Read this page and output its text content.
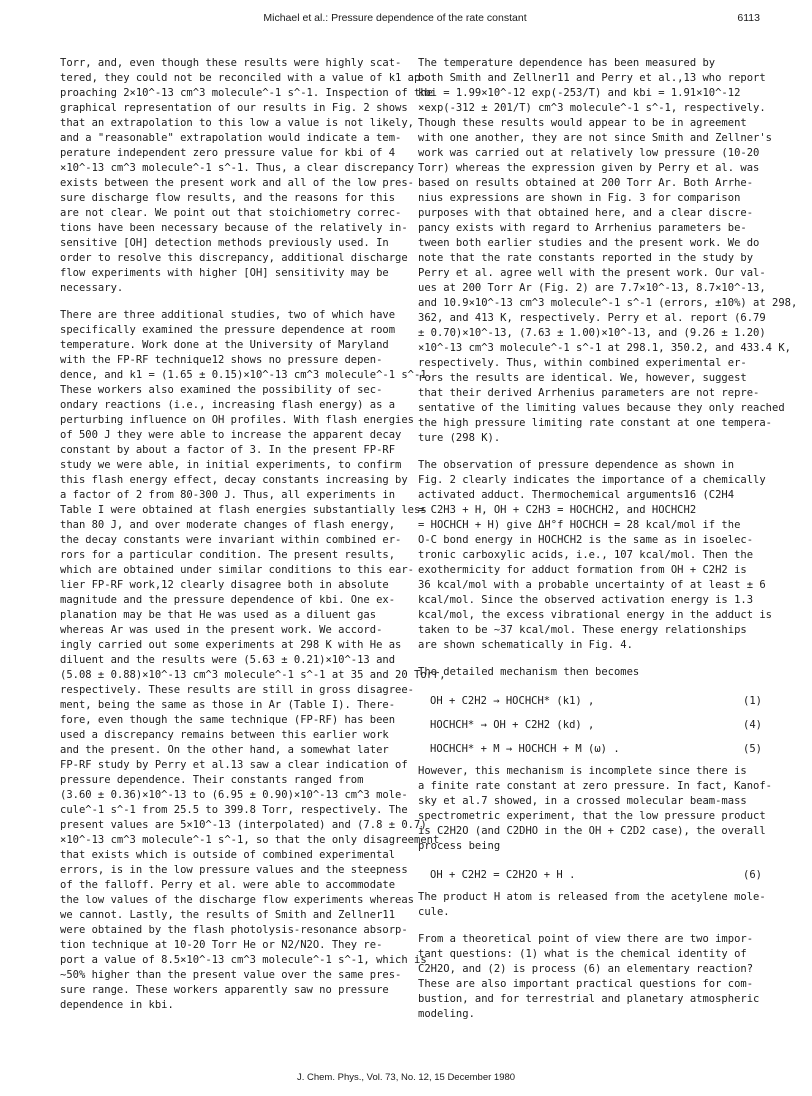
Michael et al.: Pressure dependence of the rate constant	6113

Torr, and, even though these results were highly scat-
tered, they could not be reconciled with a value of k1 ap-
proaching 2×10^-13 cm^3 molecule^-1 s^-1. Inspection of the
graphical representation of our results in Fig. 2 shows
that an extrapolation to this low a value is not likely,
and a "reasonable" extrapolation would indicate a tem-
perature independent zero pressure value for kbi of 4
×10^-13 cm^3 molecule^-1 s^-1. Thus, a clear discrepancy
exists between the present work and all of the low pres-
sure discharge flow results, and the reasons for this
are not clear. We point out that stoichiometry correc-
tions have been necessary because of the relatively in-
sensitive [OH] detection methods previously used. In
order to resolve this discrepancy, additional discharge
flow experiments with higher [OH] sensitivity may be
necessary.

There are three additional studies, two of which have
specifically examined the pressure dependence at room
temperature. Work done at the University of Maryland
with the FP-RF technique12 shows no pressure depen-
dence, and k1 = (1.65 ± 0.15)×10^-13 cm^3 molecule^-1 s^-1.
These workers also examined the possibility of sec-
ondary reactions (i.e., increasing flash energy) as a
perturbing influence on OH profiles. With flash energies
of 500 J they were able to increase the apparent decay
constant by about a factor of 3. In the present FP-RF
study we were able, in initial experiments, to confirm
this flash energy effect, decay constants increasing by
a factor of 2 from 80-300 J. Thus, all experiments in
Table I were obtained at flash energies substantially less
than 80 J, and over moderate changes of flash energy,
the decay constants were invariant within combined er-
rors for a particular condition. The present results,
which are obtained under similar conditions to this ear-
lier FP-RF work,12 clearly disagree both in absolute
magnitude and the pressure dependence of kbi. One ex-
planation may be that He was used as a diluent gas
whereas Ar was used in the present work. We accord-
ingly carried out some experiments at 298 K with He as
diluent and the results were (5.63 ± 0.21)×10^-13 and
(5.08 ± 0.88)×10^-13 cm^3 molecule^-1 s^-1 at 35 and 20 Torr,
respectively. These results are still in gross disagree-
ment, being the same as those in Ar (Table I). There-
fore, even though the same technique (FP-RF) has been
used a discrepancy remains between this earlier work
and the present. On the other hand, a somewhat later
FP-RF study by Perry et al.13 saw a clear indication of
pressure dependence. Their constants ranged from
(3.60 ± 0.36)×10^-13 to (6.95 ± 0.90)×10^-13 cm^3 mole-
cule^-1 s^-1 from 25.5 to 399.8 Torr, respectively. The
present values are 5×10^-13 (interpolated) and (7.8 ± 0.7)
×10^-13 cm^3 molecule^-1 s^-1, so that the only disagreement
that exists which is outside of combined experimental
errors, is in the low pressure values and the steepness
of the falloff. Perry et al. were able to accommodate
the low values of the discharge flow experiments whereas
we cannot. Lastly, the results of Smith and Zellner11
were obtained by the flash photolysis-resonance absorp-
tion technique at 10-20 Torr He or N2/N2O. They re-
port a value of 8.5×10^-13 cm^3 molecule^-1 s^-1, which is
~50% higher than the present value over the same pres-
sure range. These workers apparently saw no pressure
dependence in kbi.

The temperature dependence has been measured by
both Smith and Zellner11 and Perry et al.,13 who report
kbi = 1.99×10^-12 exp(-253/T) and kbi = 1.91×10^-12
×exp(-312 ± 201/T) cm^3 molecule^-1 s^-1, respectively.
Though these results would appear to be in agreement
with one another, they are not since Smith and Zellner's
work was carried out at relatively low pressure (10-20
Torr) whereas the expression given by Perry et al. was
based on results obtained at 200 Torr Ar. Both Arrhe-
nius expressions are shown in Fig. 3 for comparison
purposes with that obtained here, and a clear discre-
pancy exists with regard to Arrhenius parameters be-
tween both earlier studies and the present work. We do
note that the rate constants reported in the study by
Perry et al. agree well with the present work. Our val-
ues at 200 Torr Ar (Fig. 2) are 7.7×10^-13, 8.7×10^-13,
and 10.9×10^-13 cm^3 molecule^-1 s^-1 (errors, ±10%) at 298,
362, and 413 K, respectively. Perry et al. report (6.79
± 0.70)×10^-13, (7.63 ± 1.00)×10^-13, and (9.26 ± 1.20)
×10^-13 cm^3 molecule^-1 s^-1 at 298.1, 350.2, and 433.4 K,
respectively. Thus, within combined experimental er-
rors the results are identical. We, however, suggest
that their derived Arrhenius parameters are not repre-
sentative of the limiting values because they only reached
the high pressure limiting rate constant at one tempera-
ture (298 K).

The observation of pressure dependence as shown in
Fig. 2 clearly indicates the importance of a chemically
activated adduct. Thermochemical arguments16 (C2H4
= C2H3 + H, OH + C2H3 = HOCHCH2, and HOCHCH2
= HOCHCH + H) give ΔH°f HOCHCH = 28 kcal/mol if the
O-C bond energy in HOCHCH2 is the same as in isoelec-
tronic carboxylic acids, i.e., 107 kcal/mol. Then the
exothermicity for adduct formation from OH + C2H2 is
36 kcal/mol with a probable uncertainty of at least ± 6
kcal/mol. Since the observed activation energy is 1.3
kcal/mol, the excess vibrational energy in the adduct is
taken to be ~37 kcal/mol. These energy relationships
are shown schematically in Fig. 4.

The detailed mechanism then becomes

OH + C2H2 → HOCHCH* (k1) ,

	(1)

HOCHCH* → OH + C2H2 (kd) ,

	(4)

HOCHCH* + M → HOCHCH + M (ω) .

	(5)

However, this mechanism is incomplete since there is
a finite rate constant at zero pressure. In fact, Kanof-
sky et al.7 showed, in a crossed molecular beam-mass
spectrometric experiment, that the low pressure product
is C2H2O (and C2DHO in the OH + C2D2 case), the overall
process being

OH + C2H2 = C2H2O + H .

	(6)

The product H atom is released from the acetylene mole-
cule.

From a theoretical point of view there are two impor-
tant questions: (1) what is the chemical identity of
C2H2O, and (2) is process (6) an elementary reaction?
These are also important practical questions for com-
bustion, and for terrestrial and planetary atmospheric
modeling.

J. Chem. Phys., Vol. 73, No. 12, 15 December 1980
